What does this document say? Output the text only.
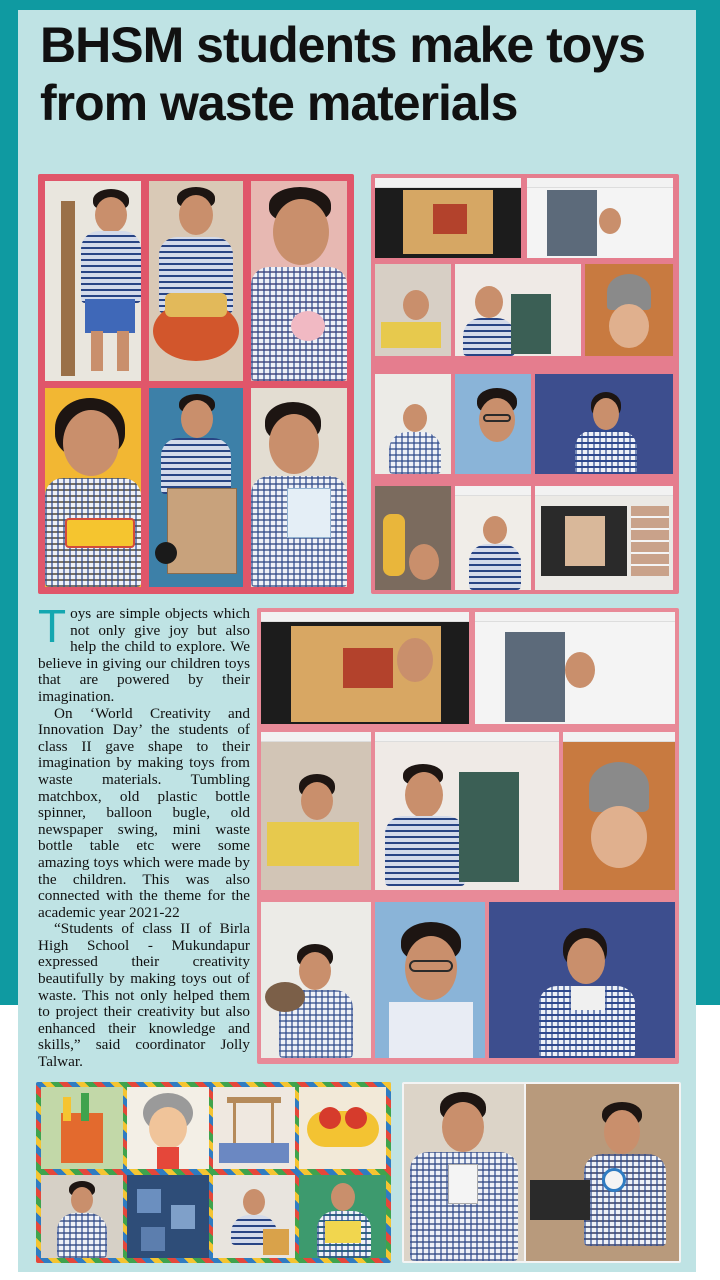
BHSM students make toys
from waste materials

Toys are simple objects which not only give joy but also help the child to explore. We believe in giving our children toys that are powered by their imagination.

On ‘World Creativity and Innovation Day’ the students of class II gave shape to their imagination by making toys from waste materials. Tumbling matchbox, old plastic bottle spinner, balloon bugle, old newspaper swing, mini waste bottle table etc were some amazing toys which were made by the children. This was also connected with the theme for the academic year 2021-22

“Students of class II of Birla High School - Mukundapur expressed their creativity beautifully by making toys out of waste. This not only helped them to project their creativity but also enhanced their knowledge and skills,” said coordinator Jolly Talwar.
